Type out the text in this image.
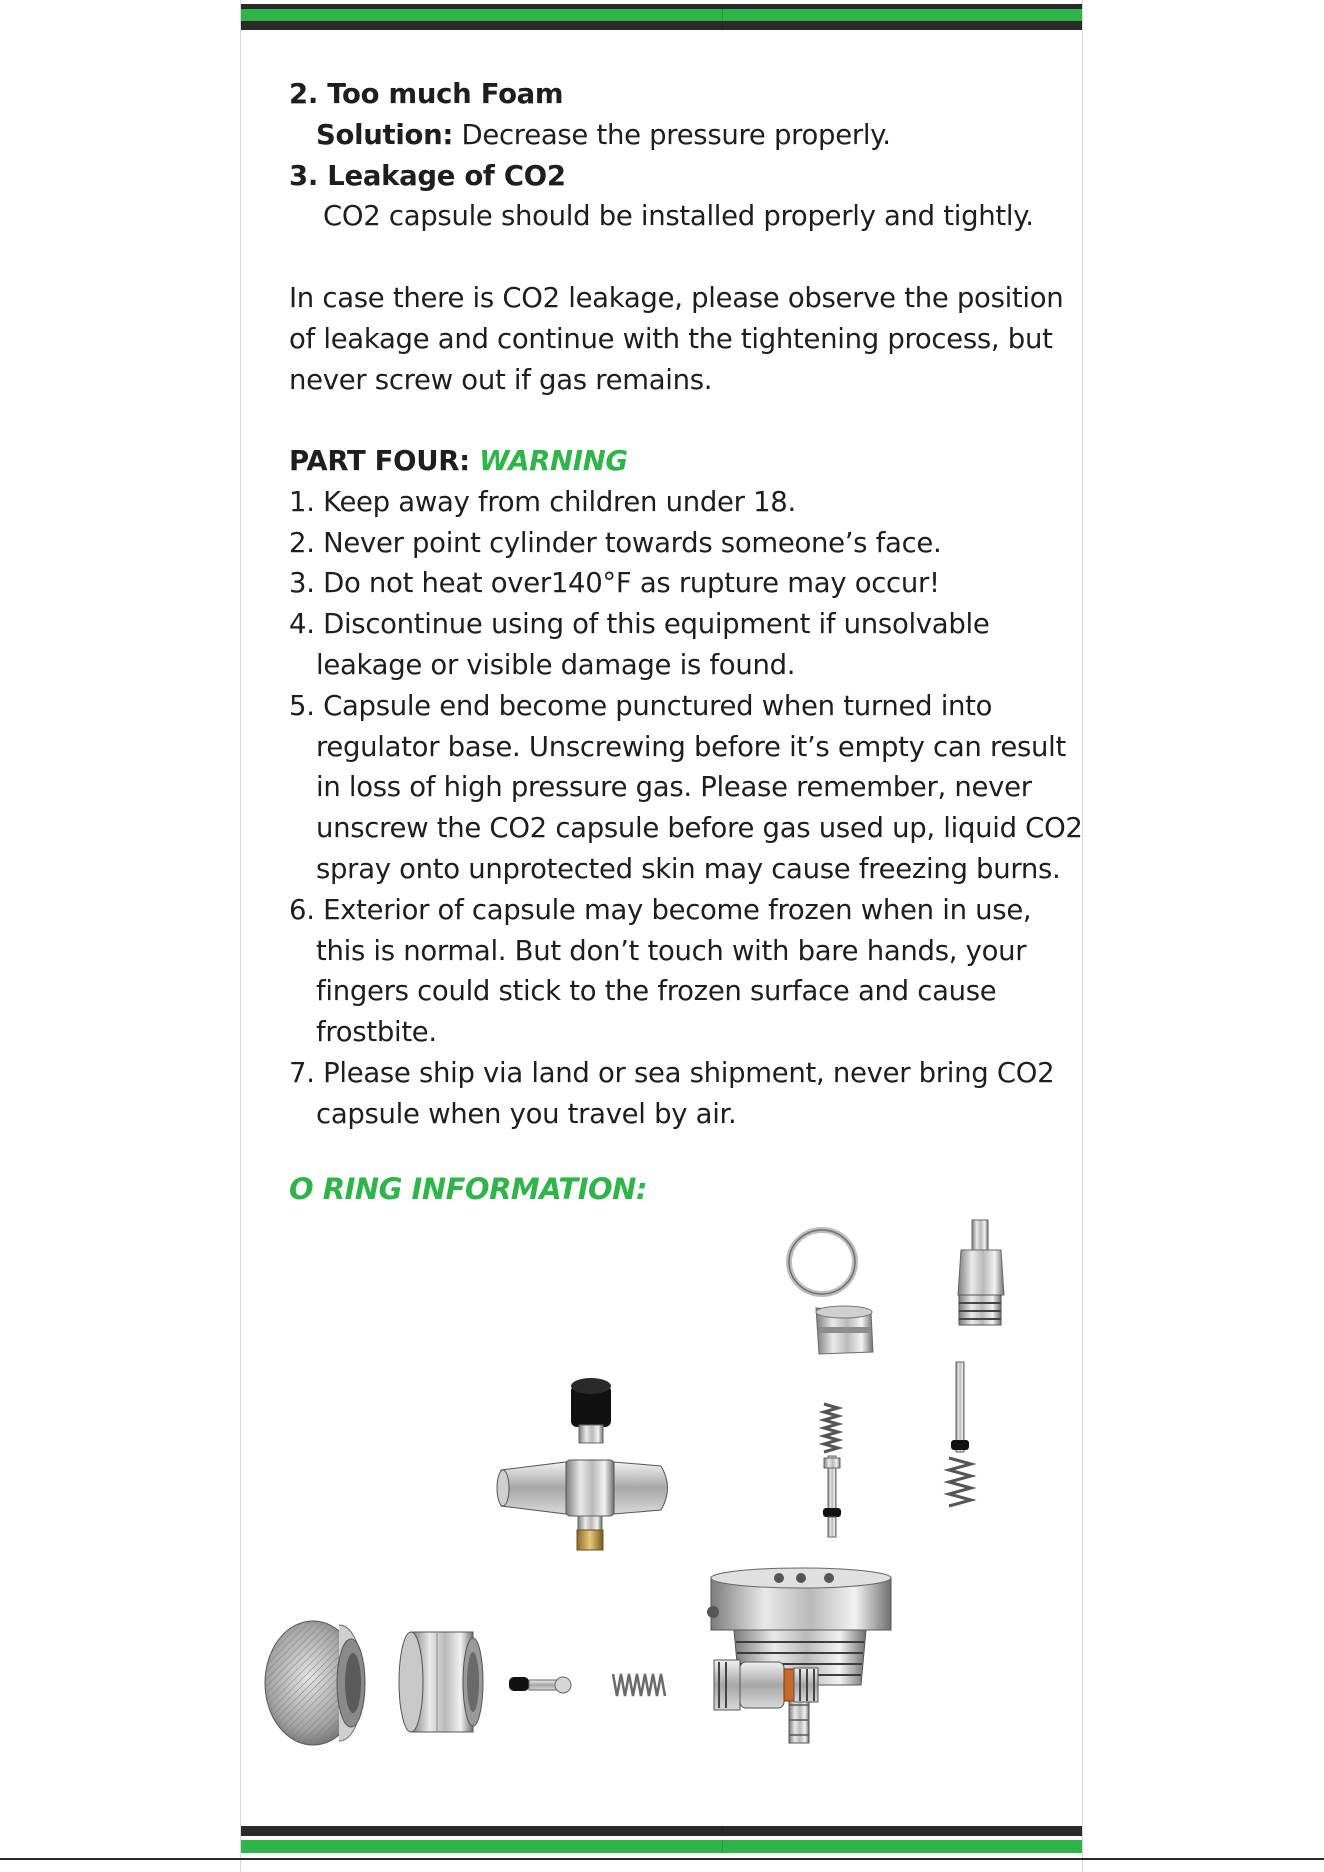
2. Too much Foam
Solution: Decrease the pressure properly.
3. Leakage of CO2
CO2 capsule should be installed properly and tightly.
In case there is CO2 leakage, please observe the position
of leakage and continue with the tightening process, but
never screw out if gas remains.
PART FOUR: WARNING
1. Keep away from children under 18.
2. Never point cylinder towards someone’s face.
3. Do not heat over140°F as rupture may occur!
4. Discontinue using of this equipment if unsolvable
leakage or visible damage is found.
5. Capsule end become punctured when turned into
regulator base. Unscrewing before it’s empty can result
in loss of high pressure gas. Please remember, never
unscrew the CO2 capsule before gas used up, liquid CO2
spray onto unprotected skin may cause freezing burns.
6. Exterior of capsule may become frozen when in use,
this is normal. But don’t touch with bare hands, your
fingers could stick to the frozen surface and cause
frostbite.
7. Please ship via land or sea shipment, never bring CO2
capsule when you travel by air.
O RING INFORMATION:
